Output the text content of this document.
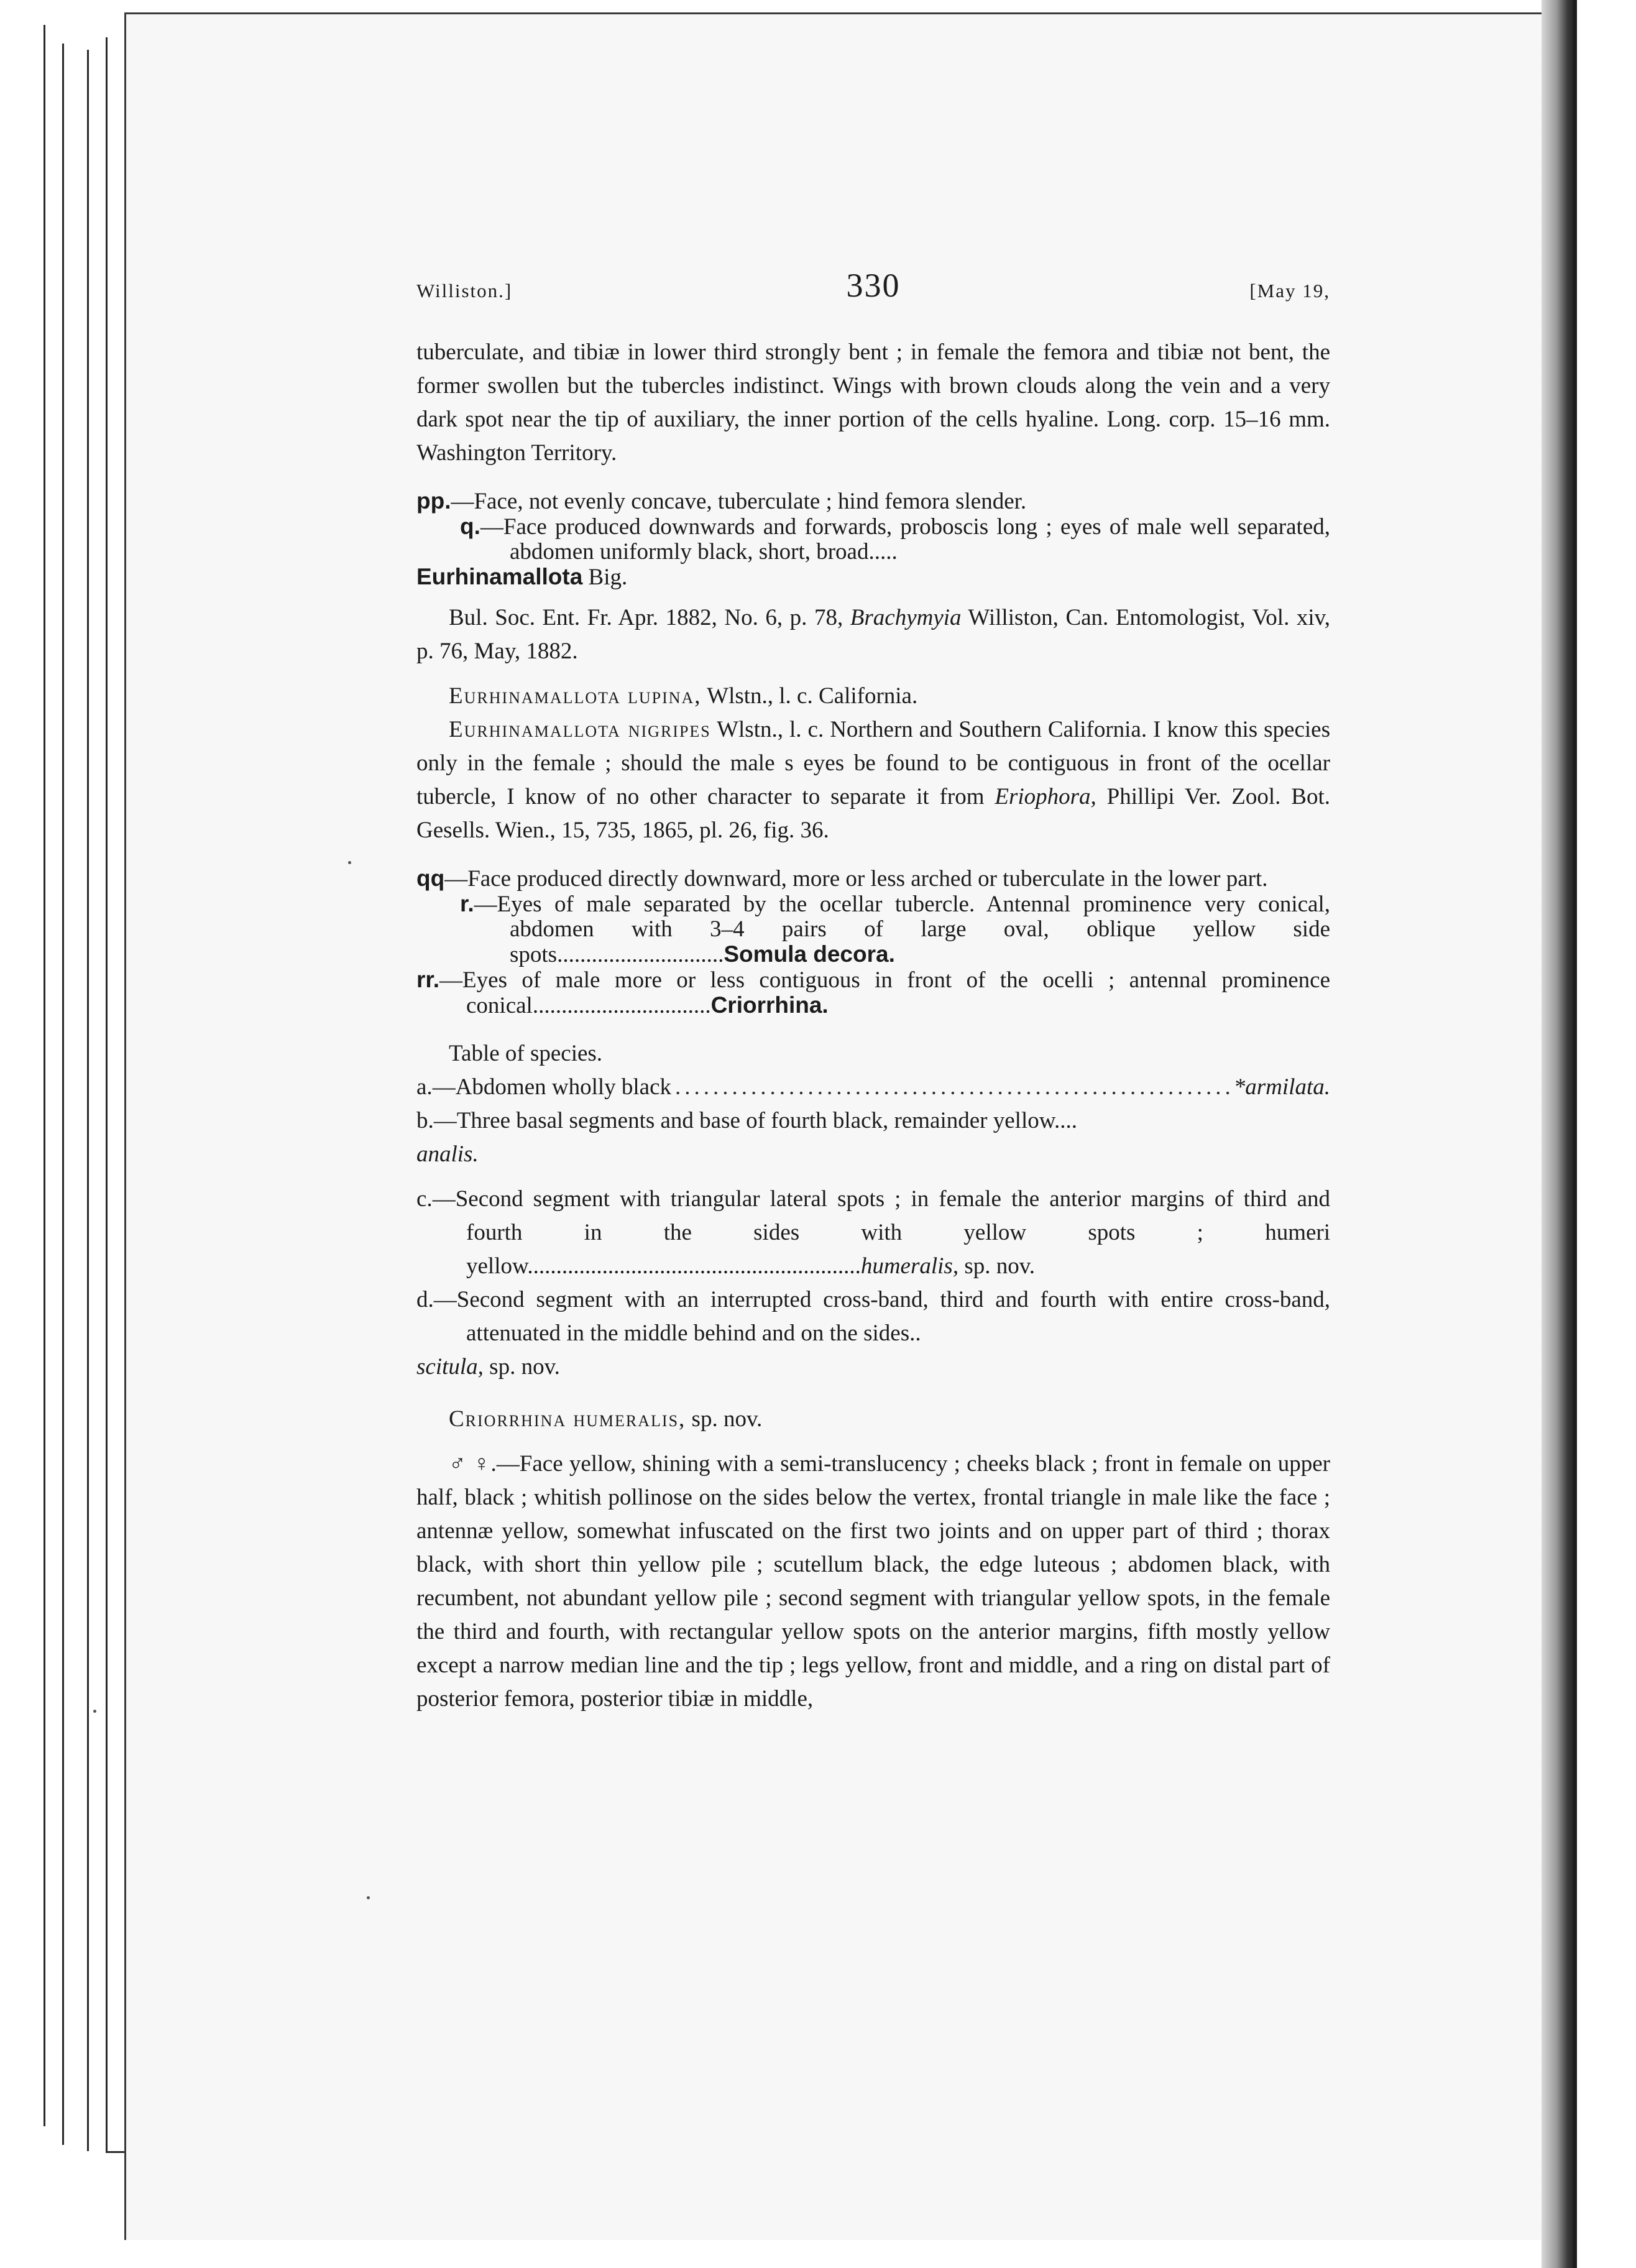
Williston.]	330	[May 19,

tuberculate, and tibiæ in lower third strongly bent ; in female the femora and tibiæ not bent, the former swollen but the tubercles indistinct. Wings with brown clouds along the vein and a very dark spot near the tip of auxiliary, the inner portion of the cells hyaline. Long. corp. 15–16 mm. Washington Territory.

pp.—Face, not evenly concave, tuberculate ; hind femora slender.

q.—Face produced downwards and forwards, proboscis long ; eyes of male well separated, abdomen uniformly black, short, broad.....

Eurhinamallota Big.

Bul. Soc. Ent. Fr. Apr. 1882, No. 6, p. 78, Brachymyia Williston, Can. Entomologist, Vol. xiv, p. 76, May, 1882.

Eurhinamallota lupina, Wlstn., l. c. California.

Eurhinamallota nigripes Wlstn., l. c. Northern and Southern California. I know this species only in the female ; should the male s eyes be found to be contiguous in front of the ocellar tubercle, I know of no other character to separate it from Eriophora, Phillipi Ver. Zool. Bot. Gesells. Wien., 15, 735, 1865, pl. 26, fig. 36.

qq—Face produced directly downward, more or less arched or tuberculate in the lower part.

r.—Eyes of male separated by the ocellar tubercle. Antennal prominence very conical, abdomen with 3–4 pairs of large oval, oblique yellow side spots.............................Somula decora.

rr.—Eyes of male more or less contiguous in front of the ocelli ; antennal prominence conical...............................Criorrhina.

Table of species.

a. —Abdomen wholly black
.....	*armilata.

b.—Three basal segments and base of fourth black, remainder yellow....

analis.

c.—Second segment with triangular lateral spots ; in female the anterior margins of third and fourth in the sides with yellow spots ; humeri yellow..........................................................humeralis, sp. nov.

d.—Second segment with an interrupted cross-band, third and fourth with entire cross-band, attenuated in the middle behind and on the sides..

scitula, sp. nov.

Criorrhina humeralis, sp. nov.

♂ ♀.—Face yellow, shining with a semi-translucency ; cheeks black ; front in female on upper half, black ; whitish pollinose on the sides below the vertex, frontal triangle in male like the face ; antennæ yellow, somewhat infuscated on the first two joints and on upper part of third ; thorax black, with short thin yellow pile ; scutellum black, the edge luteous ; abdomen black, with recumbent, not abundant yellow pile ; second segment with triangular yellow spots, in the female the third and fourth, with rectangular yellow spots on the anterior margins, fifth mostly yellow except a narrow median line and the tip ; legs yellow, front and middle, and a ring on distal part of posterior femora, posterior tibiæ in middle,
